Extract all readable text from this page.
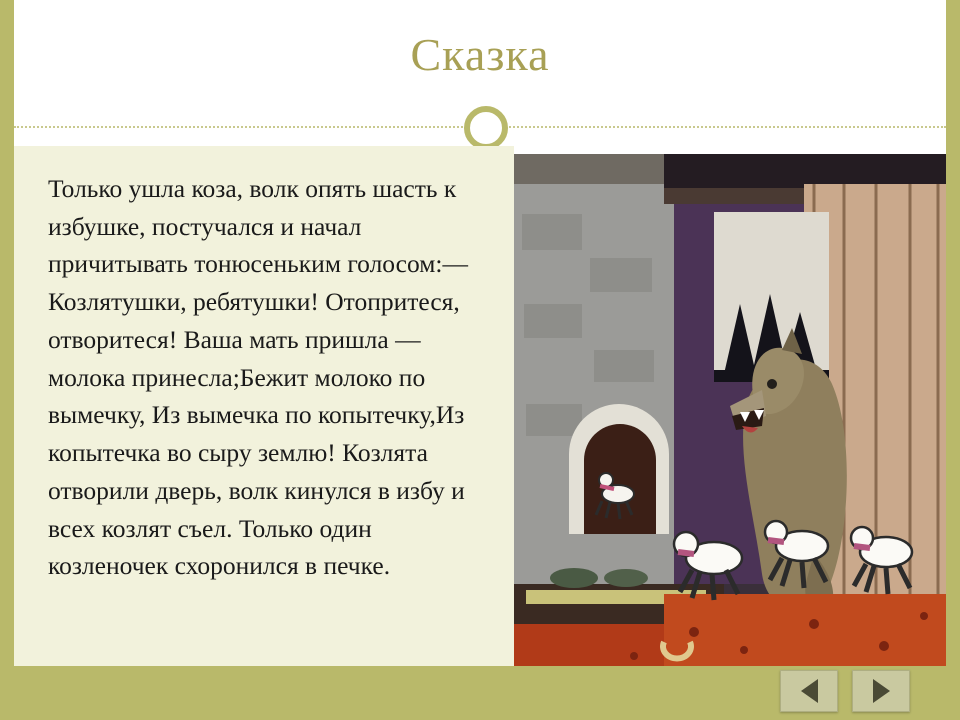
Сказка
Только ушла коза, волк опять шасть к избушке, постучался и начал причитывать тонюсеньким голосом:— Козлятушки, ребятушки! Отопритеся, отворитеся! Ваша мать пришла — молока принесла;Бежит молоко по вымечку, Из вымечка по копытечку,Из копытечка во сыру землю! Козлята отворили дверь, волк кинулся в избу и всех козлят съел. Только один козленочек схоронился в печке.
